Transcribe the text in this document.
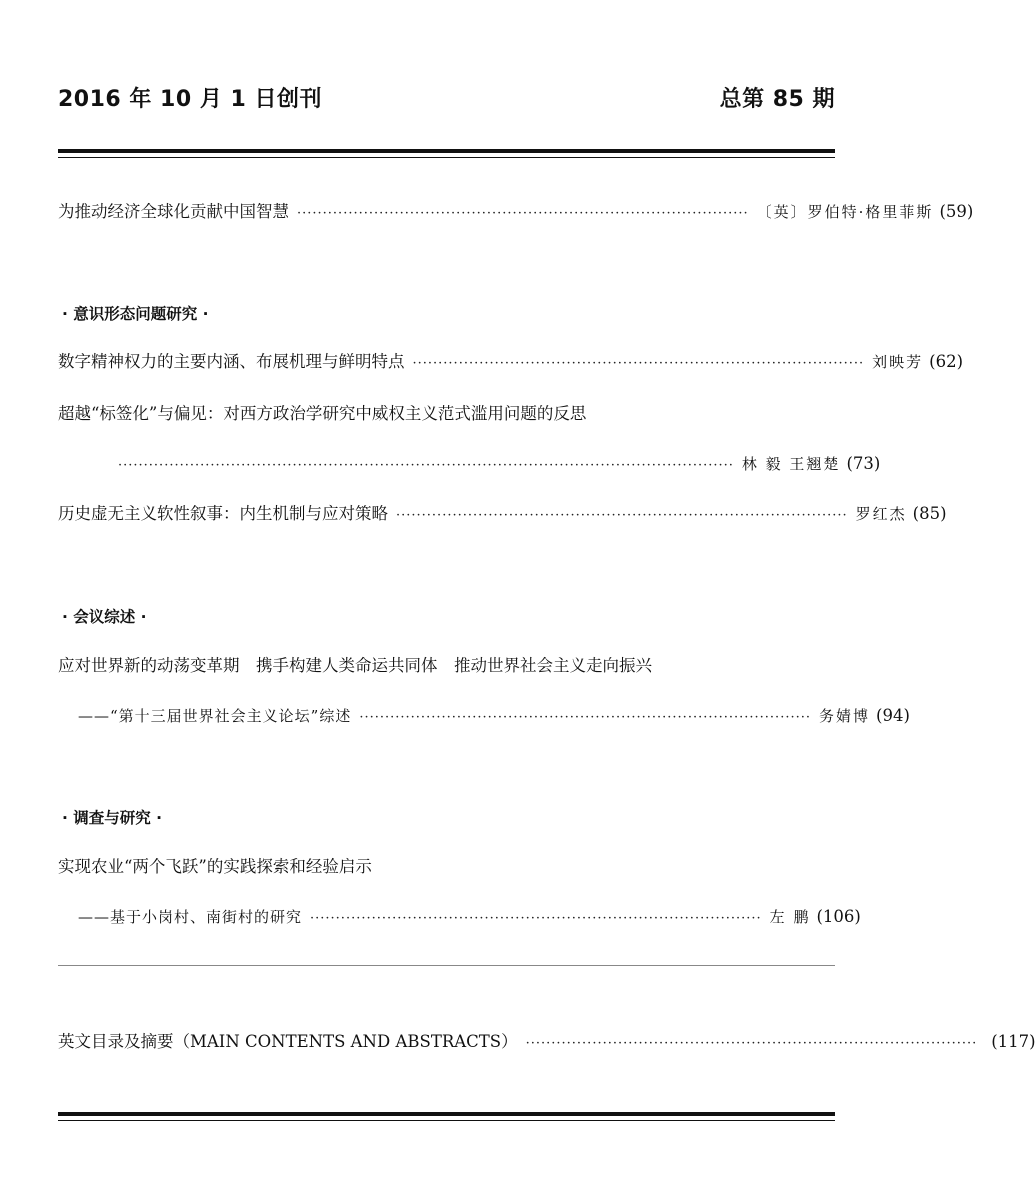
2016 年 10 月 1 日创刊	总第 85 期
为推动经济全球化贡献中国智慧 ························································································ 〔英〕罗伯特·格里菲斯 (59)
· 意识形态问题研究 ·
数字精神权力的主要内涵、布展机理与鲜明特点 ························································································ 刘映芳 (62)
超越“标签化”与偏见：对西方政治学研究中威权主义范式滥用问题的反思
························································································································ 林 毅 王翘楚 (73)
历史虚无主义软性叙事：内生机制与应对策略 ························································································ 罗红杰 (85)
· 会议综述 ·
应对世界新的动荡变革期　携手构建人类命运共同体　推动世界社会主义走向振兴
——“第十三届世界社会主义论坛”综述 ························································································ 务婧博 (94)
· 调查与研究 ·
实现农业“两个飞跃”的实践探索和经验启示
——基于小岗村、南街村的研究 ························································································ 左 鹏 (106)
英文目录及摘要（MAIN CONTENTS AND ABSTRACTS） ························································································ (117)
